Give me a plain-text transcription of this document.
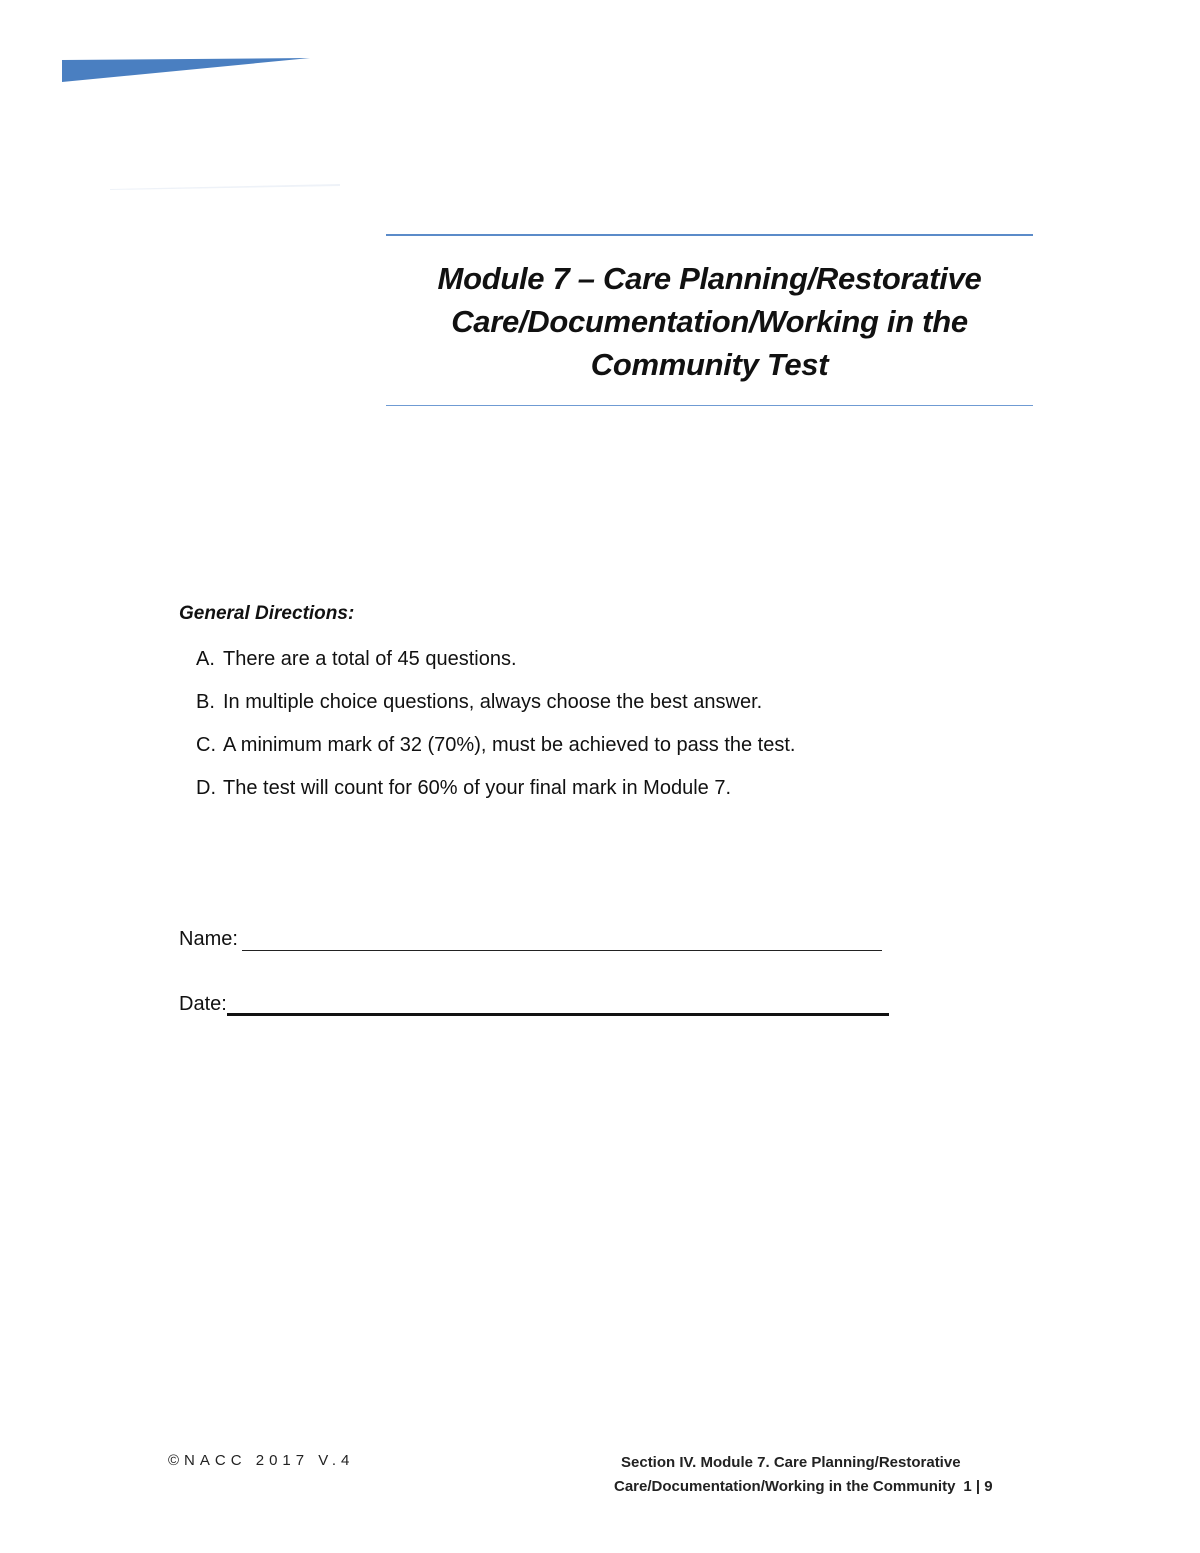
Module 7 – Care Planning/Restorative Care/Documentation/Working in the Community Test
General Directions:
A. There are a total of 45 questions.
B. In multiple choice questions, always choose the best answer.
C. A minimum mark of 32 (70%), must be achieved to pass the test.
D. The test will count for 60% of your final mark in Module 7.
Name:
Date:
©NACC 2017 V.4	Section IV. Module 7. Care Planning/Restorative
Care/Documentation/Working in the Community 1 | 9
